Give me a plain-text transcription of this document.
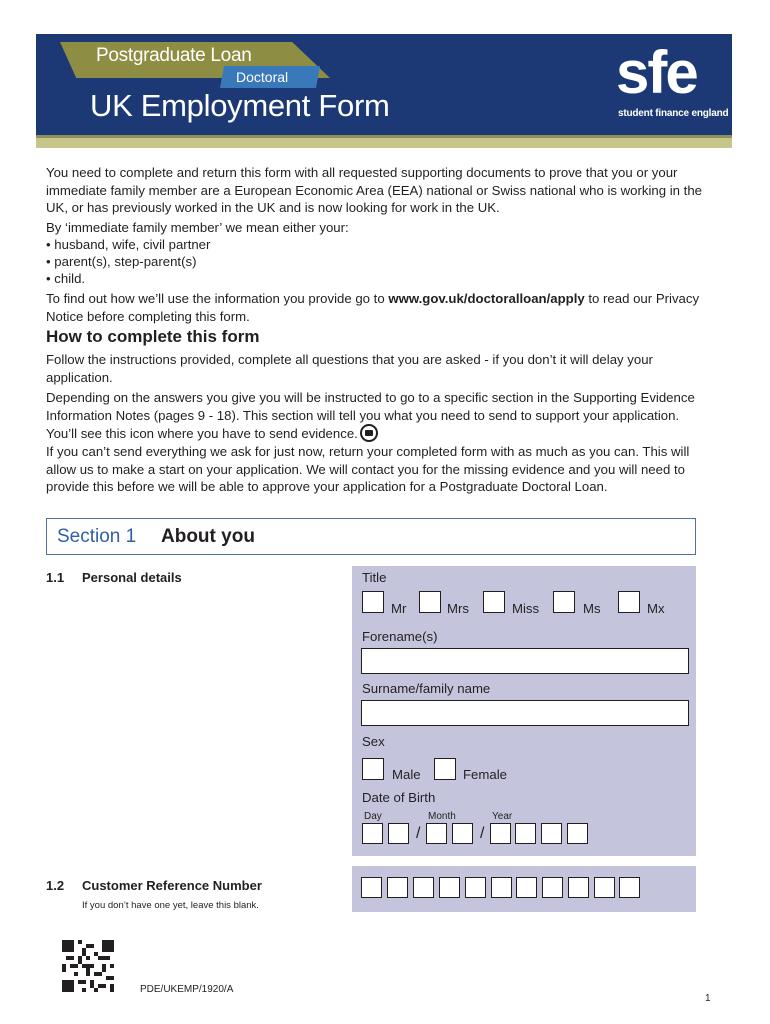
Postgraduate Loan
Doctoral
UK Employment Form	sfe
student finance england
You need to complete and return this form with all requested supporting documents to prove that you or your immediate family member are a European Economic Area (EEA) national or Swiss national who is working in the UK, or has previously worked in the UK and is now looking for work in the UK.
By ‘immediate family member’ we mean either your:
• husband, wife, civil partner
• parent(s), step-parent(s)
• child.
To find out how we’ll use the information you provide go to www.gov.uk/doctoralloan/apply to read our Privacy Notice before completing this form.
How to complete this form
Follow the instructions provided, complete all questions that you are asked - if you don’t it will delay your application.
Depending on the answers you give you will be instructed to go to a specific section in the Supporting Evidence Information Notes (pages 9 - 18). This section will tell you what you need to send to support your application. You’ll see this icon where you have to send evidence.
If you can’t send everything we ask for just now, return your completed form with as much as you can. This will allow us to make a start on your application. We will contact you for the missing evidence and you will need to provide this before we will be able to approve your application for a Postgraduate Doctoral Loan.
Section 1 About you
1.1 Personal details	Title
Mr	Mrs	Miss	Ms	Mx
Forename(s)
Surname/family name
Sex
Male	Female
Date of Birth
Day	Month	Year
/	/
1.2 Customer Reference Number
If you don’t have one yet, leave this blank.
PDE/UKEMP/1920/A
1
